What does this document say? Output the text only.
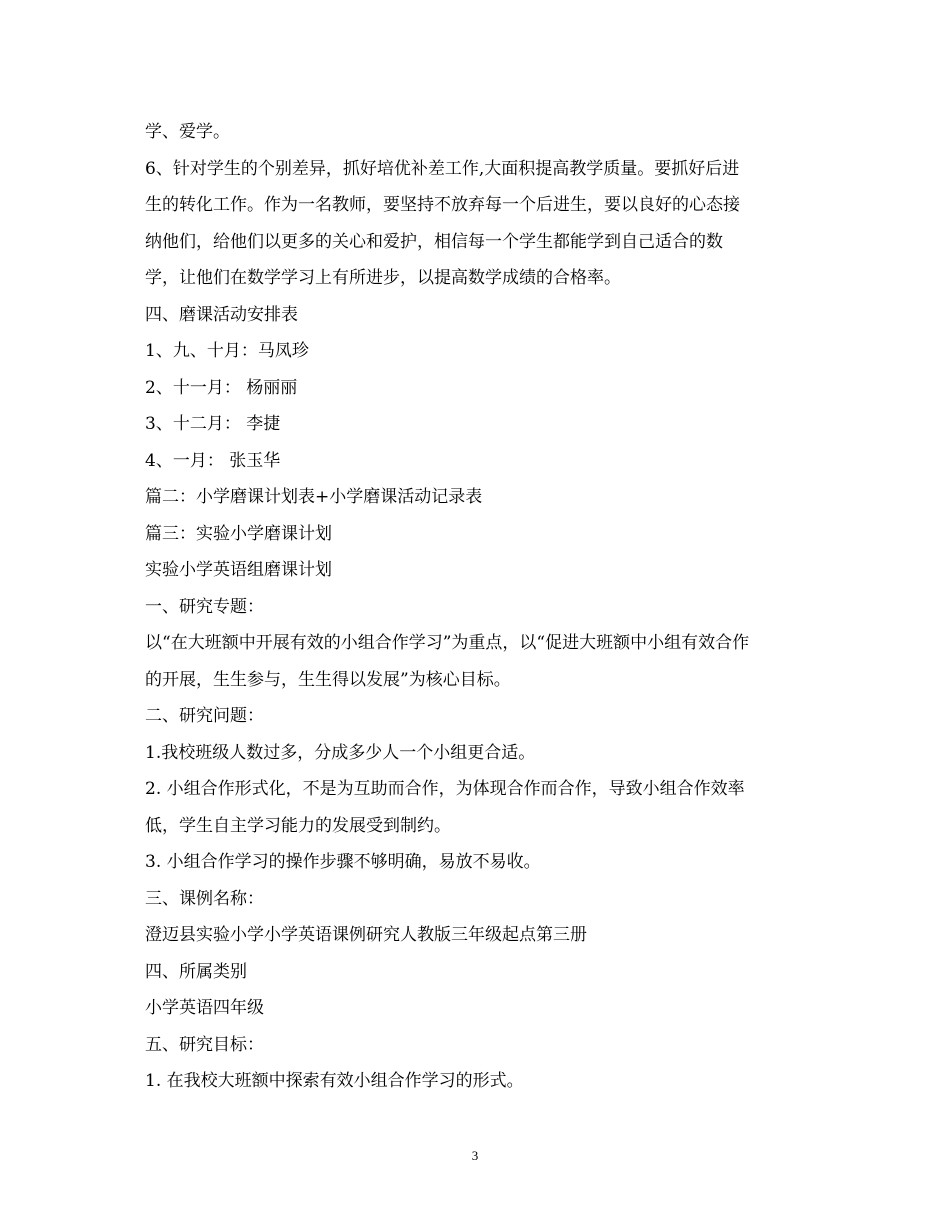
学、爱学。
6、针对学生的个别差异，抓好培优补差工作,大面积提高教学质量。要抓好后进
生的转化工作。作为一名教师，要坚持不放弃每一个后进生，要以良好的心态接
纳他们，给他们以更多的关心和爱护，相信每一个学生都能学到自己适合的数
学，让他们在数学学习上有所进步，以提高数学成绩的合格率。
四、磨课活动安排表
1、九、十月：马凤珍
2、十一月： 杨丽丽
3、十二月： 李捷
4、一月： 张玉华
篇二：小学磨课计划表+小学磨课活动记录表
篇三：实验小学磨课计划
实验小学英语组磨课计划
一、研究专题：
以“在大班额中开展有效的小组合作学习”为重点，以“促进大班额中小组有效合作
的开展，生生参与，生生得以发展”为核心目标。
二、研究问题：
1.我校班级人数过多，分成多少人一个小组更合适。
2. 小组合作形式化，不是为互助而合作，为体现合作而合作，导致小组合作效率
低，学生自主学习能力的发展受到制约。
3. 小组合作学习的操作步骤不够明确，易放不易收。
三、课例名称：
澄迈县实验小学小学英语课例研究人教版三年级起点第三册
四、所属类别
小学英语四年级
五、研究目标：
1. 在我校大班额中探索有效小组合作学习的形式。
3
